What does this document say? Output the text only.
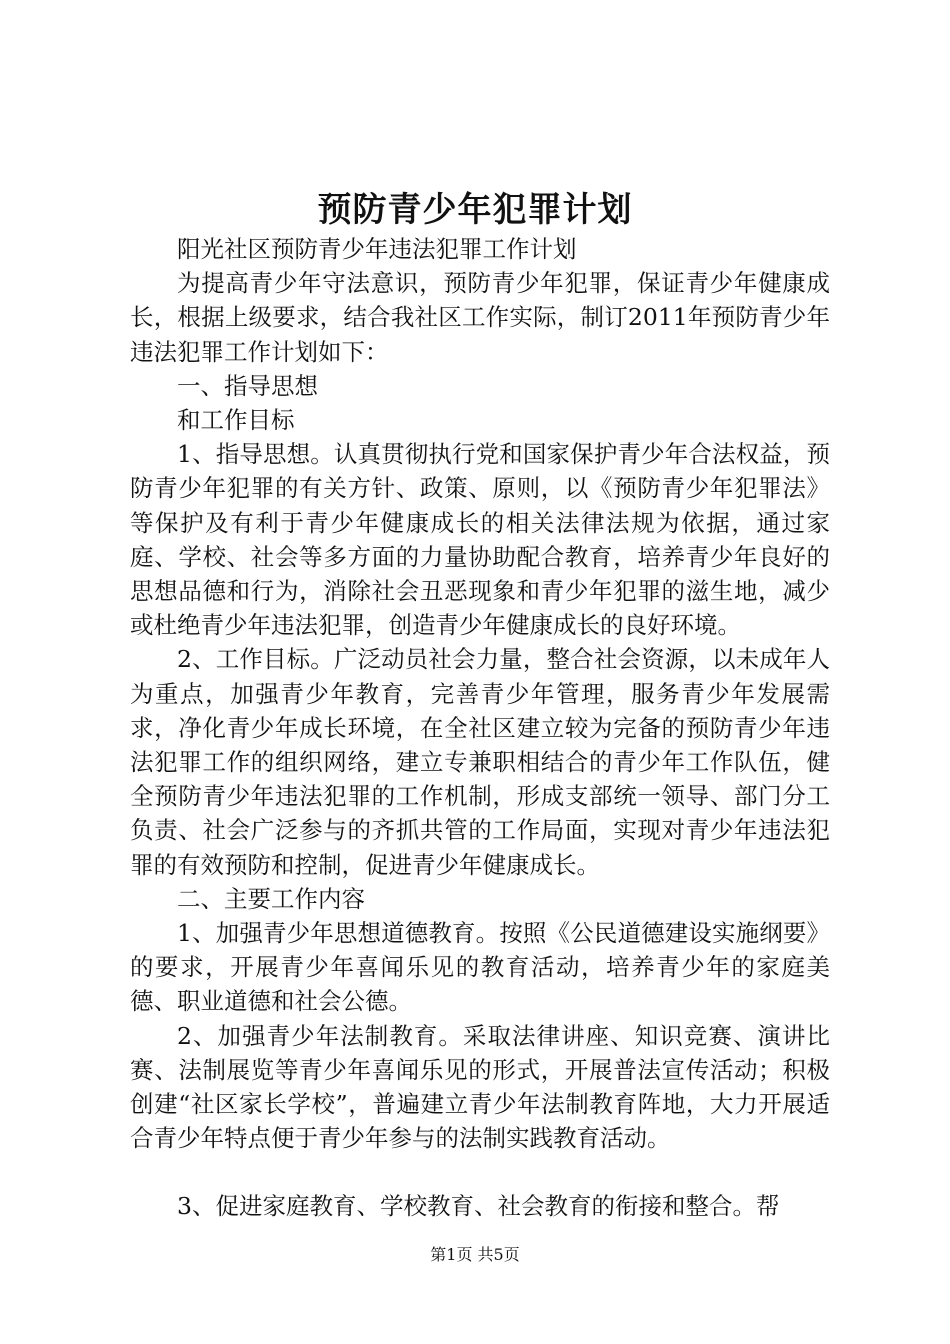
预防青少年犯罪计划

阳光社区预防青少年违法犯罪工作计划

为提高青少年守法意识，预防青少年犯罪，保证青少年健康成长，根据上级要求，结合我社区工作实际，制订2011年预防青少年违法犯罪工作计划如下：

一、指导思想

和工作目标

1、指导思想。认真贯彻执行党和国家保护青少年合法权益，预防青少年犯罪的有关方针、政策、原则，以《预防青少年犯罪法》等保护及有利于青少年健康成长的相关法律法规为依据，通过家庭、学校、社会等多方面的力量协助配合教育，培养青少年良好的思想品德和行为，消除社会丑恶现象和青少年犯罪的滋生地，减少或杜绝青少年违法犯罪，创造青少年健康成长的良好环境。

2、工作目标。广泛动员社会力量，整合社会资源，以未成年人为重点，加强青少年教育，完善青少年管理，服务青少年发展需求，净化青少年成长环境，在全社区建立较为完备的预防青少年违法犯罪工作的组织网络，建立专兼职相结合的青少年工作队伍，健全预防青少年违法犯罪的工作机制，形成支部统一领导、部门分工负责、社会广泛参与的齐抓共管的工作局面，实现对青少年违法犯罪的有效预防和控制，促进青少年健康成长。

二、主要工作内容

1、加强青少年思想道德教育。按照《公民道德建设实施纲要》的要求，开展青少年喜闻乐见的教育活动，培养青少年的家庭美德、职业道德和社会公德。

2、加强青少年法制教育。采取法律讲座、知识竞赛、演讲比赛、法制展览等青少年喜闻乐见的形式，开展普法宣传活动；积极创建“社区家长学校”，普遍建立青少年法制教育阵地，大力开展适合青少年特点便于青少年参与的法制实践教育活动。

3、促进家庭教育、学校教育、社会教育的衔接和整合。帮

第1页 共5页
